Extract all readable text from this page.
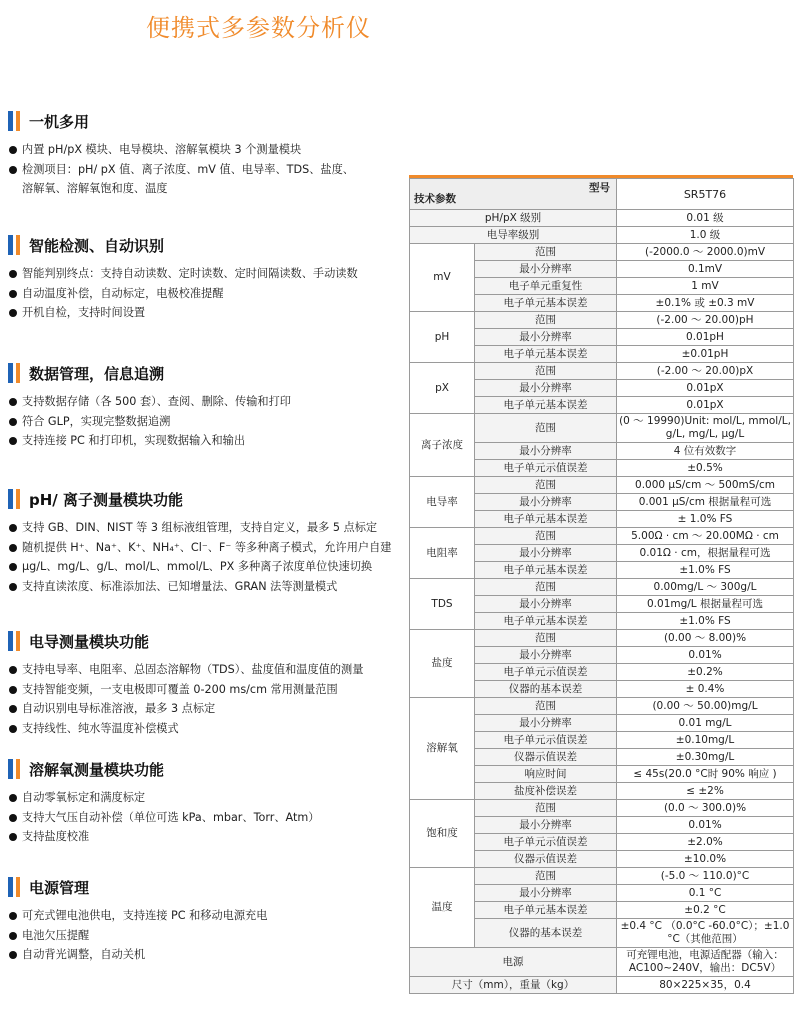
便携式多参数分析仪
一机多用
内置 pH/pX 模块、电导模块、溶解氧模块 3 个测量模块
检测项目：pH/ pX 值、离子浓度、mV 值、电导率、TDS、盐度、
溶解氧、溶解氧饱和度、温度
智能检测、自动识别
智能判别终点：支持自动读数、定时读数、定时间隔读数、手动读数
自动温度补偿，自动标定，电极校准提醒
开机自检，支持时间设置
数据管理，信息追溯
支持数据存储（各 500 套）、查阅、删除、传输和打印
符合 GLP，实现完整数据追溯
支持连接 PC 和打印机，实现数据输入和输出
pH/ 离子测量模块功能
支持 GB、DIN、NIST 等 3 组标液组管理，支持自定义，最多 5 点标定
随机提供 H⁺、Na⁺、K⁺、NH₄⁺、Cl⁻、F⁻ 等多种离子模式，允许用户自建
μg/L、mg/L、g/L、mol/L、mmol/L、PX 多种离子浓度单位快速切换
支持直读浓度、标准添加法、已知增量法、GRAN 法等测量模式
电导测量模块功能
支持电导率、电阻率、总固态溶解物（TDS）、盐度值和温度值的测量
支持智能变频，一支电极即可覆盖 0-200 ms/cm 常用测量范围
自动识别电导标准溶液，最多 3 点标定
支持线性、纯水等温度补偿模式
溶解氧测量模块功能
自动零氧标定和满度标定
支持大气压自动补偿（单位可选 kPa、mbar、Torr、Atm）
支持盐度校准
电源管理
可充式锂电池供电，支持连接 PC 和移动电源充电
电池欠压提醒
自动背光调整，自动关机
型号
技术参数		SR5T76
pH/pX 级别		0.01 级
电导率级别		1.0 级
mV	范围	(-2000.0 ～ 2000.0)mV
	最小分辨率	0.1mV
	电子单元重复性	1 mV
	电子单元基本误差	±0.1% 或 ±0.3 mV
pH	范围	(-2.00 ～ 20.00)pH
	最小分辨率	0.01pH
	电子单元基本误差	±0.01pH
pX	范围	(-2.00 ～ 20.00)pX
	最小分辨率	0.01pX
	电子单元基本误差	0.01pX
离子浓度	范围	(0 ～ 19990)Unit: mol/L, mmol/L, g/L, mg/L, μg/L
	最小分辨率	4 位有效数字
	电子单元示值误差	±0.5%
电导率	范围	0.000 μS/cm ～ 500mS/cm
	最小分辨率	0.001 μS/cm 根据量程可选
	电子单元基本误差	± 1.0% FS
电阻率	范围	5.00Ω · cm ～ 20.00MΩ · cm
	最小分辨率	0.01Ω · cm，根据量程可选
	电子单元基本误差	±1.0% FS
TDS	范围	0.00mg/L ～ 300g/L
	最小分辨率	0.01mg/L 根据量程可选
	电子单元基本误差	±1.0% FS
盐度	范围	(0.00 ～ 8.00)%
	最小分辨率	0.01%
	电子单元示值误差	±0.2%
	仪器的基本误差	± 0.4%
溶解氧	范围	(0.00 ～ 50.00)mg/L
	最小分辨率	0.01 mg/L
	电子单元示值误差	±0.10mg/L
	仪器示值误差	±0.30mg/L
	响应时间	≤ 45s(20.0 °C时 90% 响应 )
	盐度补偿误差	≤ ±2%
饱和度	范围	(0.0 ～ 300.0)%
	最小分辨率	0.01%
	电子单元示值误差	±2.0%
	仪器示值误差	±10.0%
温度	范围	(-5.0 ～ 110.0)°C
	最小分辨率	0.1 °C
	电子单元基本误差	±0.2 °C
	仪器的基本误差	±0.4 °C （0.0°C -60.0°C）；±1.0 °C（其他范围）
电源		可充锂电池，电源适配器（输入：AC100~240V，输出：DC5V）
尺寸（mm），重量（kg）		80×225×35，0.4
